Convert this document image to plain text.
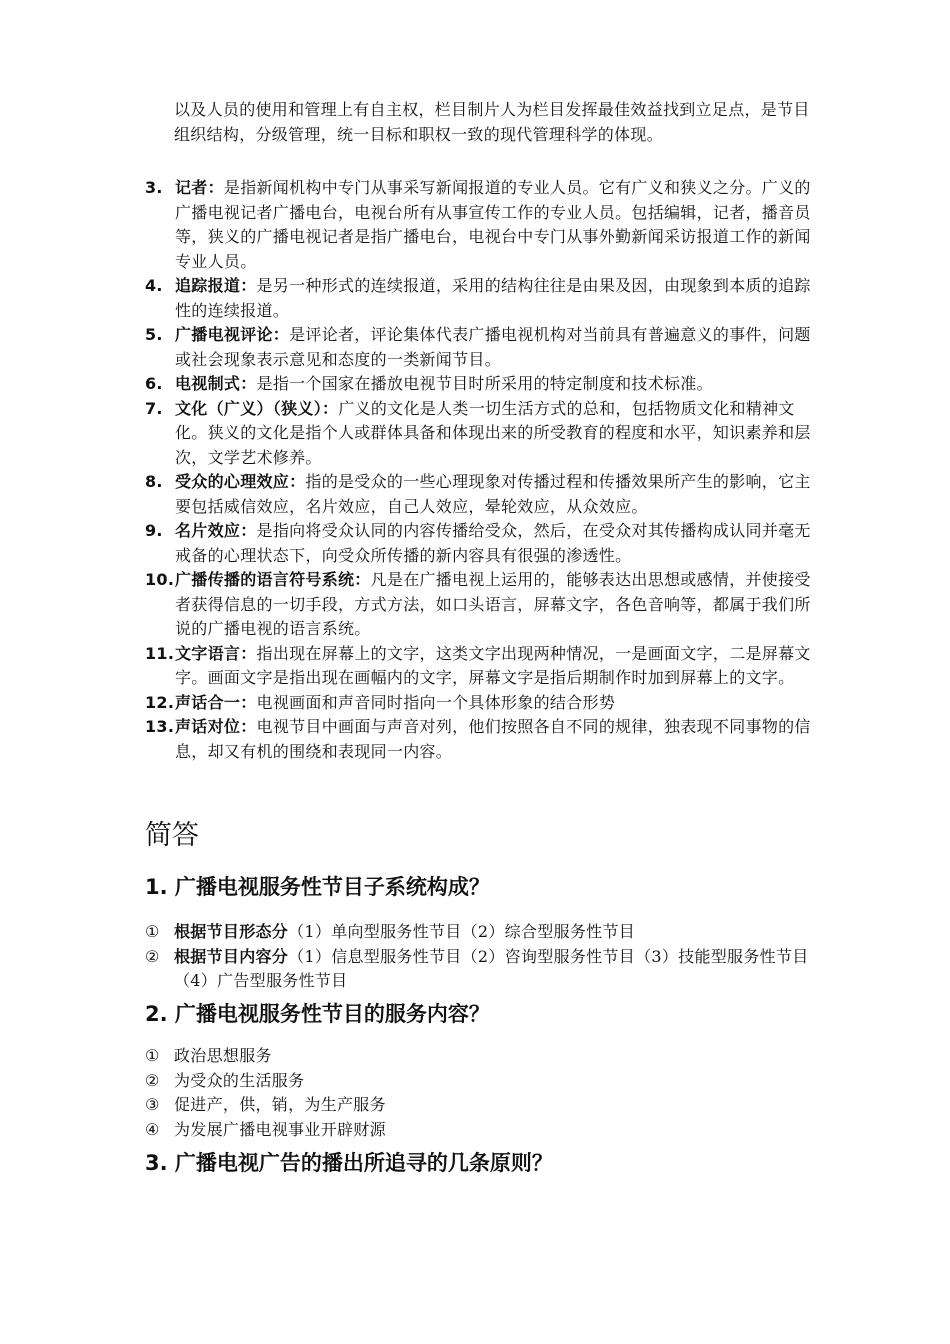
以及人员的使用和管理上有自主权，栏目制片人为栏目发挥最佳效益找到立足点，是节目组织结构，分级管理，统一目标和职权一致的现代管理科学的体现。
3. 记者：是指新闻机构中专门从事采写新闻报道的专业人员。它有广义和狭义之分。广义的广播电视记者广播电台，电视台所有从事宣传工作的专业人员。包括编辑，记者，播音员等，狭义的广播电视记者是指广播电台，电视台中专门从事外勤新闻采访报道工作的新闻专业人员。
4. 追踪报道：是另一种形式的连续报道，采用的结构往往是由果及因，由现象到本质的追踪性的连续报道。
5. 广播电视评论：是评论者，评论集体代表广播电视机构对当前具有普遍意义的事件，问题或社会现象表示意见和态度的一类新闻节目。
6. 电视制式：是指一个国家在播放电视节目时所采用的特定制度和技术标准。
7. 文化（广义）（狭义）：广义的文化是人类一切生活方式的总和，包括物质文化和精神文化。狭义的文化是指个人或群体具备和体现出来的所受教育的程度和水平，知识素养和层次，文学艺术修养。
8. 受众的心理效应：指的是受众的一些心理现象对传播过程和传播效果所产生的影响，它主要包括威信效应，名片效应，自己人效应，晕轮效应，从众效应。
9. 名片效应：是指向将受众认同的内容传播给受众，然后，在受众对其传播构成认同并毫无戒备的心理状态下，向受众所传播的新内容具有很强的渗透性。
10. 广播传播的语言符号系统：凡是在广播电视上运用的，能够表达出思想或感情，并使接受者获得信息的一切手段，方式方法，如口头语言，屏幕文字，各色音响等，都属于我们所说的广播电视的语言系统。
11. 文字语言：指出现在屏幕上的文字，这类文字出现两种情况，一是画面文字，二是屏幕文字。画面文字是指出现在画幅内的文字，屏幕文字是指后期制作时加到屏幕上的文字。
12. 声话合一：电视画面和声音同时指向一个具体形象的结合形势
13. 声话对位：电视节目中画面与声音对列，他们按照各自不同的规律，独表现不同事物的信息，却又有机的围绕和表现同一内容。
简答
1. 广播电视服务性节目子系统构成？
① 根据节目形态分（1）单向型服务性节目（2）综合型服务性节目
② 根据节目内容分（1）信息型服务性节目（2）咨询型服务性节目（3）技能型服务性节目（4）广告型服务性节目
2. 广播电视服务性节目的服务内容？
① 政治思想服务
② 为受众的生活服务
③ 促进产，供，销，为生产服务
④ 为发展广播电视事业开辟财源
3. 广播电视广告的播出所追寻的几条原则？
